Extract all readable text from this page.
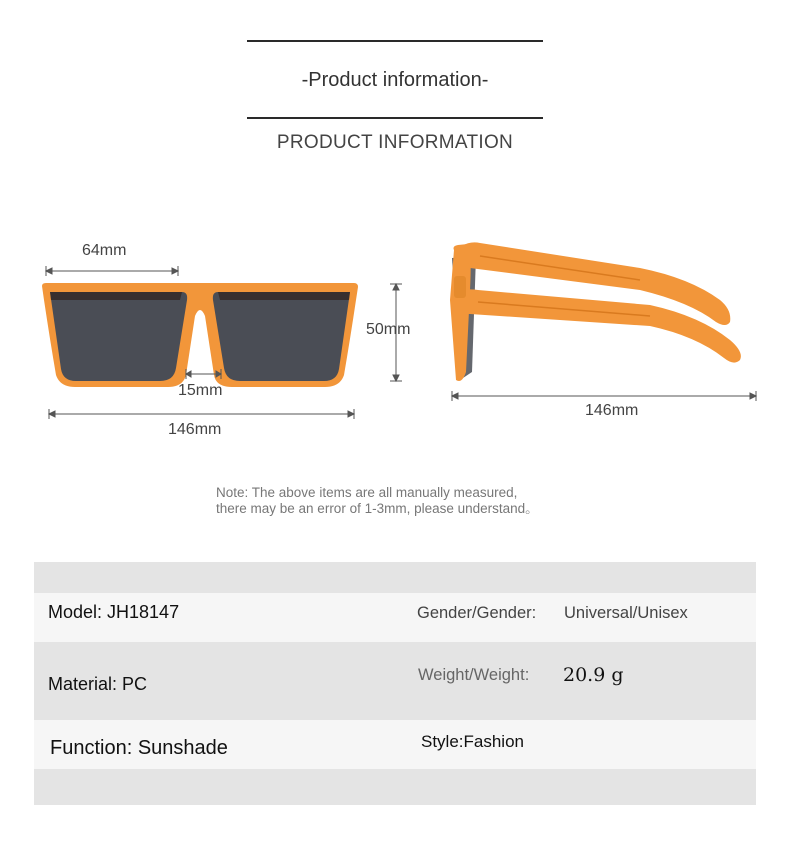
-Product information-
PRODUCT INFORMATION
64mm
15mm
146mm
50mm
146mm
Note: The above items are all manually measured,
there may be an error of 1-3mm, please understand。
Model: JH18147	Gender/Gender: Universal/Unisex
Material: PC	Weight/Weight: 20.9 g
Function: Sunshade	Style:Fashion
